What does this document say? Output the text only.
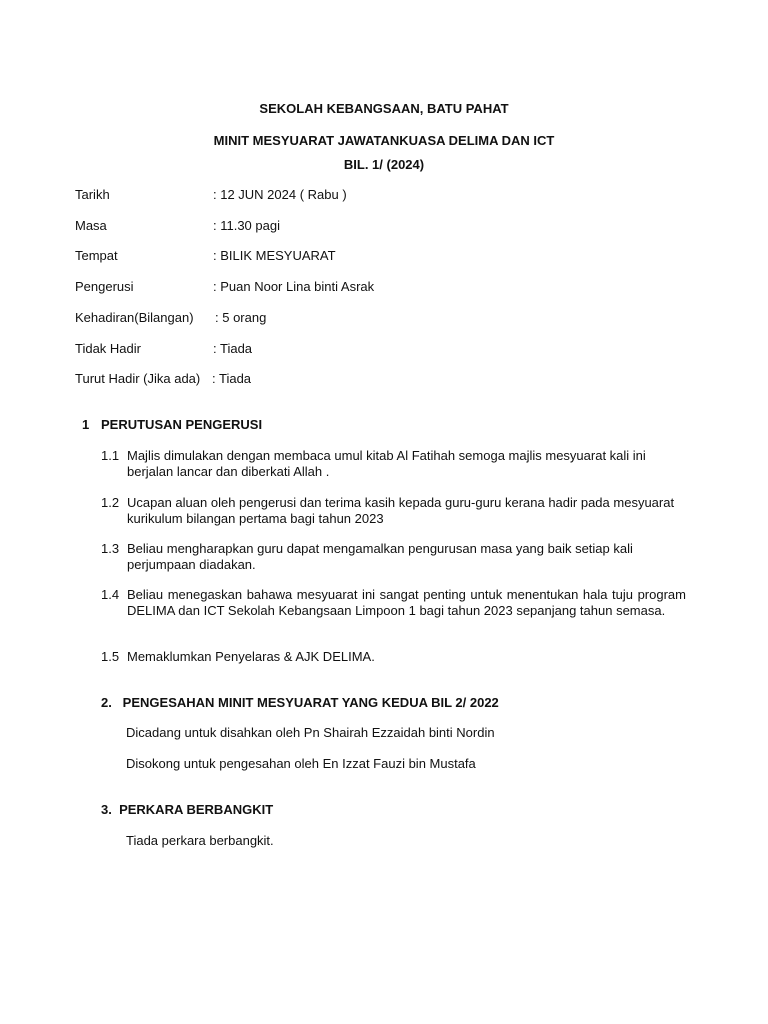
SEKOLAH KEBANGSAAN, BATU PAHAT
MINIT MESYUARAT JAWATANKUASA DELIMA DAN ICT
BIL. 1/ (2024)
Tarikh	: 12 JUN 2024 ( Rabu )
Masa	: 11.30 pagi
Tempat	: BILIK MESYUARAT
Pengerusi	: Puan Noor Lina binti Asrak
Kehadiran(Bilangan) : 5 orang
Tidak Hadir	: Tiada
Turut Hadir (Jika ada) : Tiada
1 PERUTUSAN PENGERUSI
1.1 Majlis dimulakan dengan membaca umul kitab Al Fatihah semoga majlis mesyuarat kali ini berjalan lancar dan diberkati Allah .
1.2 Ucapan aluan oleh pengerusi dan terima kasih kepada guru-guru kerana hadir pada mesyuarat kurikulum bilangan pertama bagi tahun 2023
1.3 Beliau mengharapkan guru dapat mengamalkan pengurusan masa yang baik setiap kali perjumpaan diadakan.
1.4 Beliau menegaskan bahawa mesyuarat ini sangat penting untuk menentukan hala tuju program DELIMA dan ICT Sekolah Kebangsaan Limpoon 1 bagi tahun 2023 sepanjang tahun semasa.
1.5 Memaklumkan Penyelaras & AJK DELIMA.
2.   PENGESAHAN MINIT MESYUARAT YANG KEDUA BIL 2/ 2022
Dicadang untuk disahkan oleh Pn Shairah Ezzaidah binti Nordin
Disokong untuk pengesahan oleh En Izzat Fauzi bin Mustafa
3.  PERKARA BERBANGKIT
Tiada perkara berbangkit.
